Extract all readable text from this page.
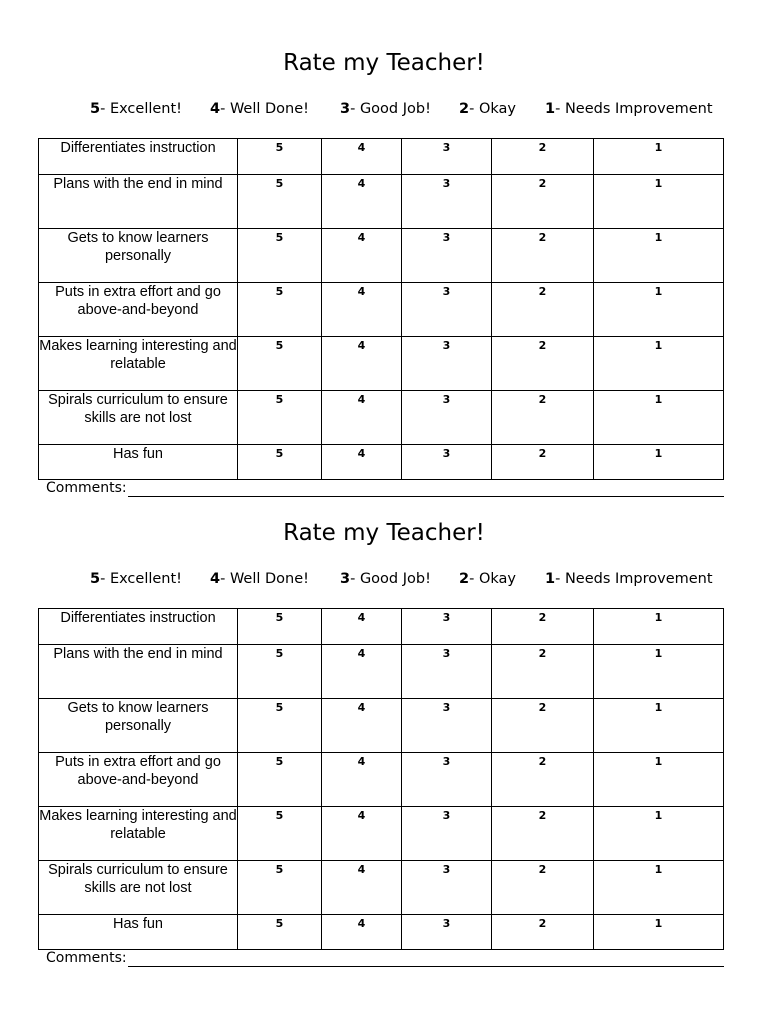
Rate my Teacher!
5- Excellent! 4- Well Done! 3- Good Job! 2- Okay 1- Needs Improvement
Differentiates instruction	5	4	3	2	1
Plans with the end in mind	5	4	3	2	1
Gets to know learners personally	5	4	3	2	1
Puts in extra effort and go above-and-beyond	5	4	3	2	1
Makes learning interesting and relatable	5	4	3	2	1
Spirals curriculum to ensure skills are not lost	5	4	3	2	1
Has fun	5	4	3	2	1
Comments:
Rate my Teacher!
5- Excellent! 4- Well Done! 3- Good Job! 2- Okay 1- Needs Improvement
Differentiates instruction	5	4	3	2	1
Plans with the end in mind	5	4	3	2	1
Gets to know learners personally	5	4	3	2	1
Puts in extra effort and go above-and-beyond	5	4	3	2	1
Makes learning interesting and relatable	5	4	3	2	1
Spirals curriculum to ensure skills are not lost	5	4	3	2	1
Has fun	5	4	3	2	1
Comments:
